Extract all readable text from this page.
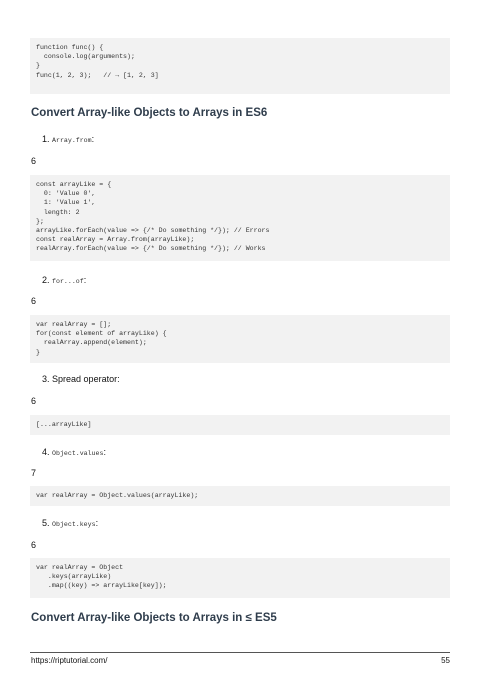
function func() {
console.log(arguments);
}
func(1, 2, 3);   // → [1, 2, 3]
Convert Array-like Objects to Arrays in ES6
1. Array.from:
6
const arrayLike = {
0: 'Value 0',
1: 'Value 1',
length: 2
};
arrayLike.forEach(value => {/* Do something */}); // Errors
const realArray = Array.from(arrayLike);
realArray.forEach(value => {/* Do something */}); // Works
2. for...of:
6
var realArray = [];
for(const element of arrayLike) {
realArray.append(element);
}
3. Spread operator:
6
[...arrayLike]
4. Object.values:
7
var realArray = Object.values(arrayLike);
5. Object.keys:
6
var realArray = Object
.keys(arrayLike)
.map((key) => arrayLike[key]);
Convert Array-like Objects to Arrays in ≤ ES5
https://riptutorial.com/	55
